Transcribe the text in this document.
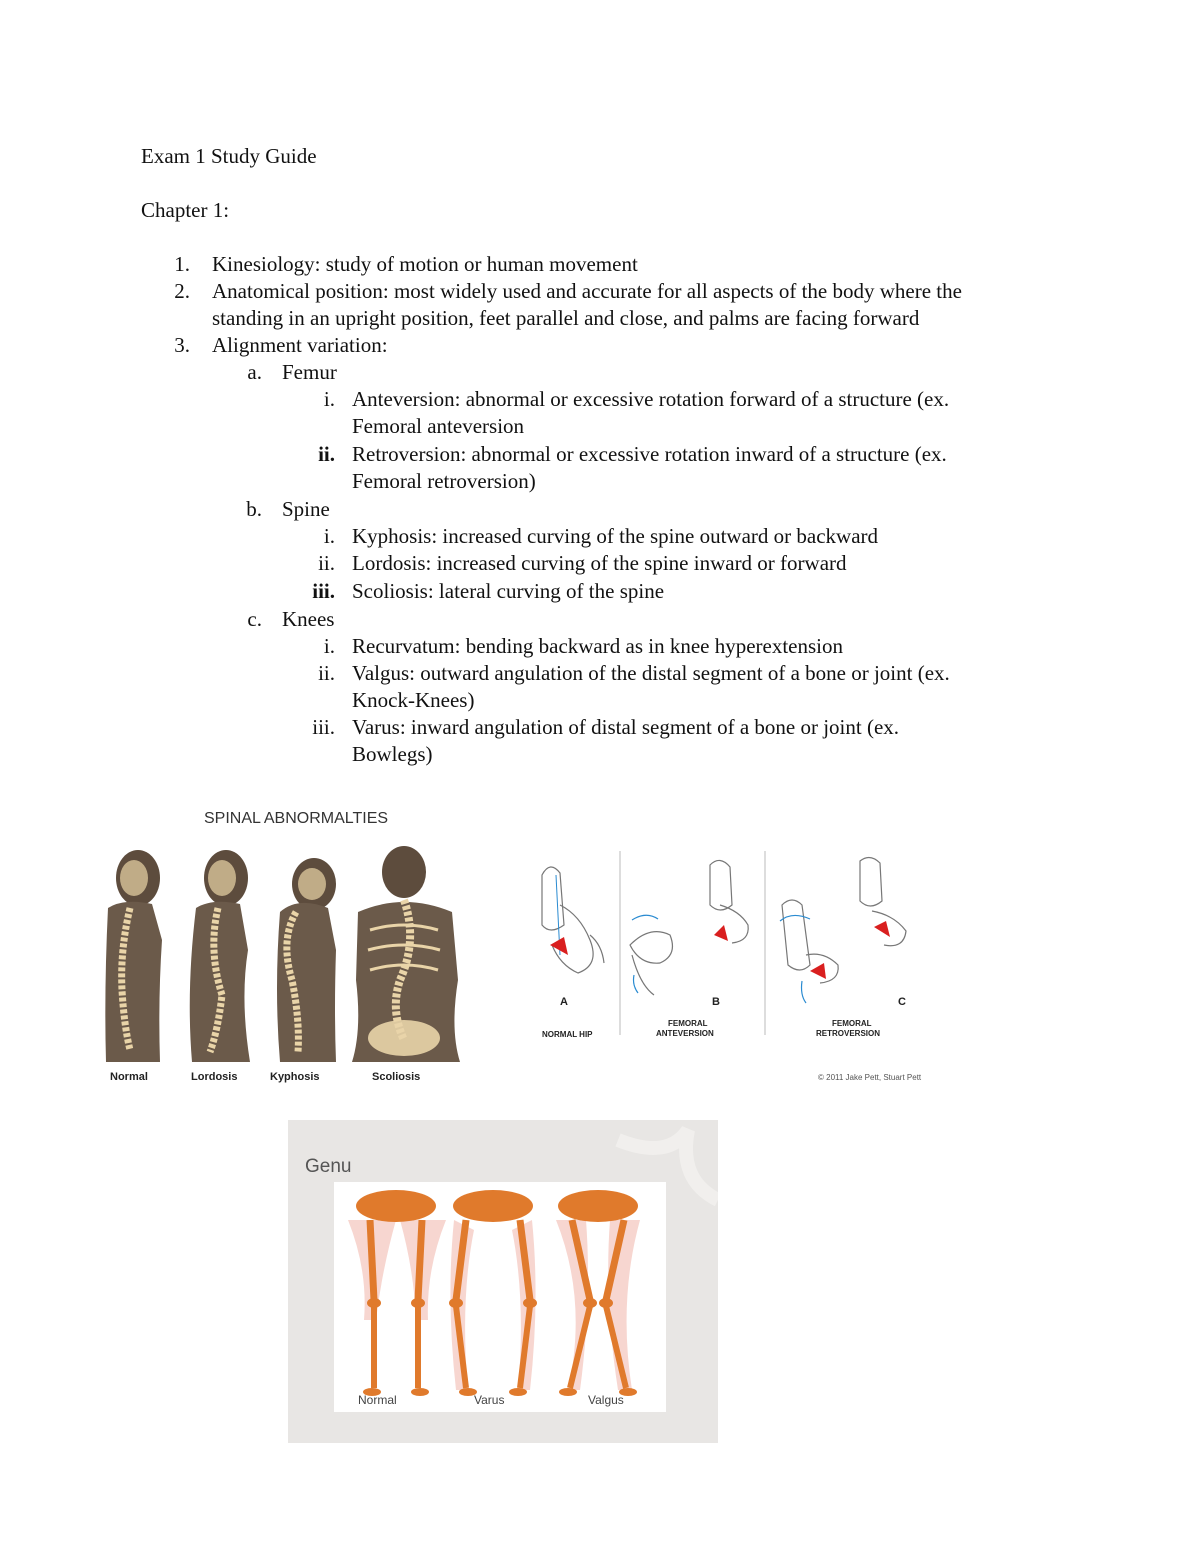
Exam 1 Study Guide
Chapter 1:
1. Kinesiology: study of motion or human movement
2. Anatomical position: most widely used and accurate for all aspects of the body where the
standing in an upright position, feet parallel and close, and palms are facing forward
3. Alignment variation:
a. Femur
i. Anteversion: abnormal or excessive rotation forward of a structure (ex.
Femoral anteversion
ii. Retroversion: abnormal or excessive rotation inward of a structure (ex.
Femoral retroversion)
b. Spine
i. Kyphosis: increased curving of the spine outward or backward
ii. Lordosis: increased curving of the spine inward or forward
iii. Scoliosis: lateral curving of the spine
c. Knees
i. Recurvatum: bending backward as in knee hyperextension
ii. Valgus: outward angulation of the distal segment of a bone or joint (ex.
Knock-Knees)
iii. Varus: inward angulation of distal segment of a bone or joint (ex.
Bowlegs)
SPINAL ABNORMALTIES
Normal	Lordosis	Kyphosis	Scoliosis
A
NORMAL HIP
B
FEMORAL
ANTEVERSION
C
FEMORAL
RETROVERSION
© 2011 Jake Pett, Stuart Pett
Genu
Normal	Varus	Valgus
